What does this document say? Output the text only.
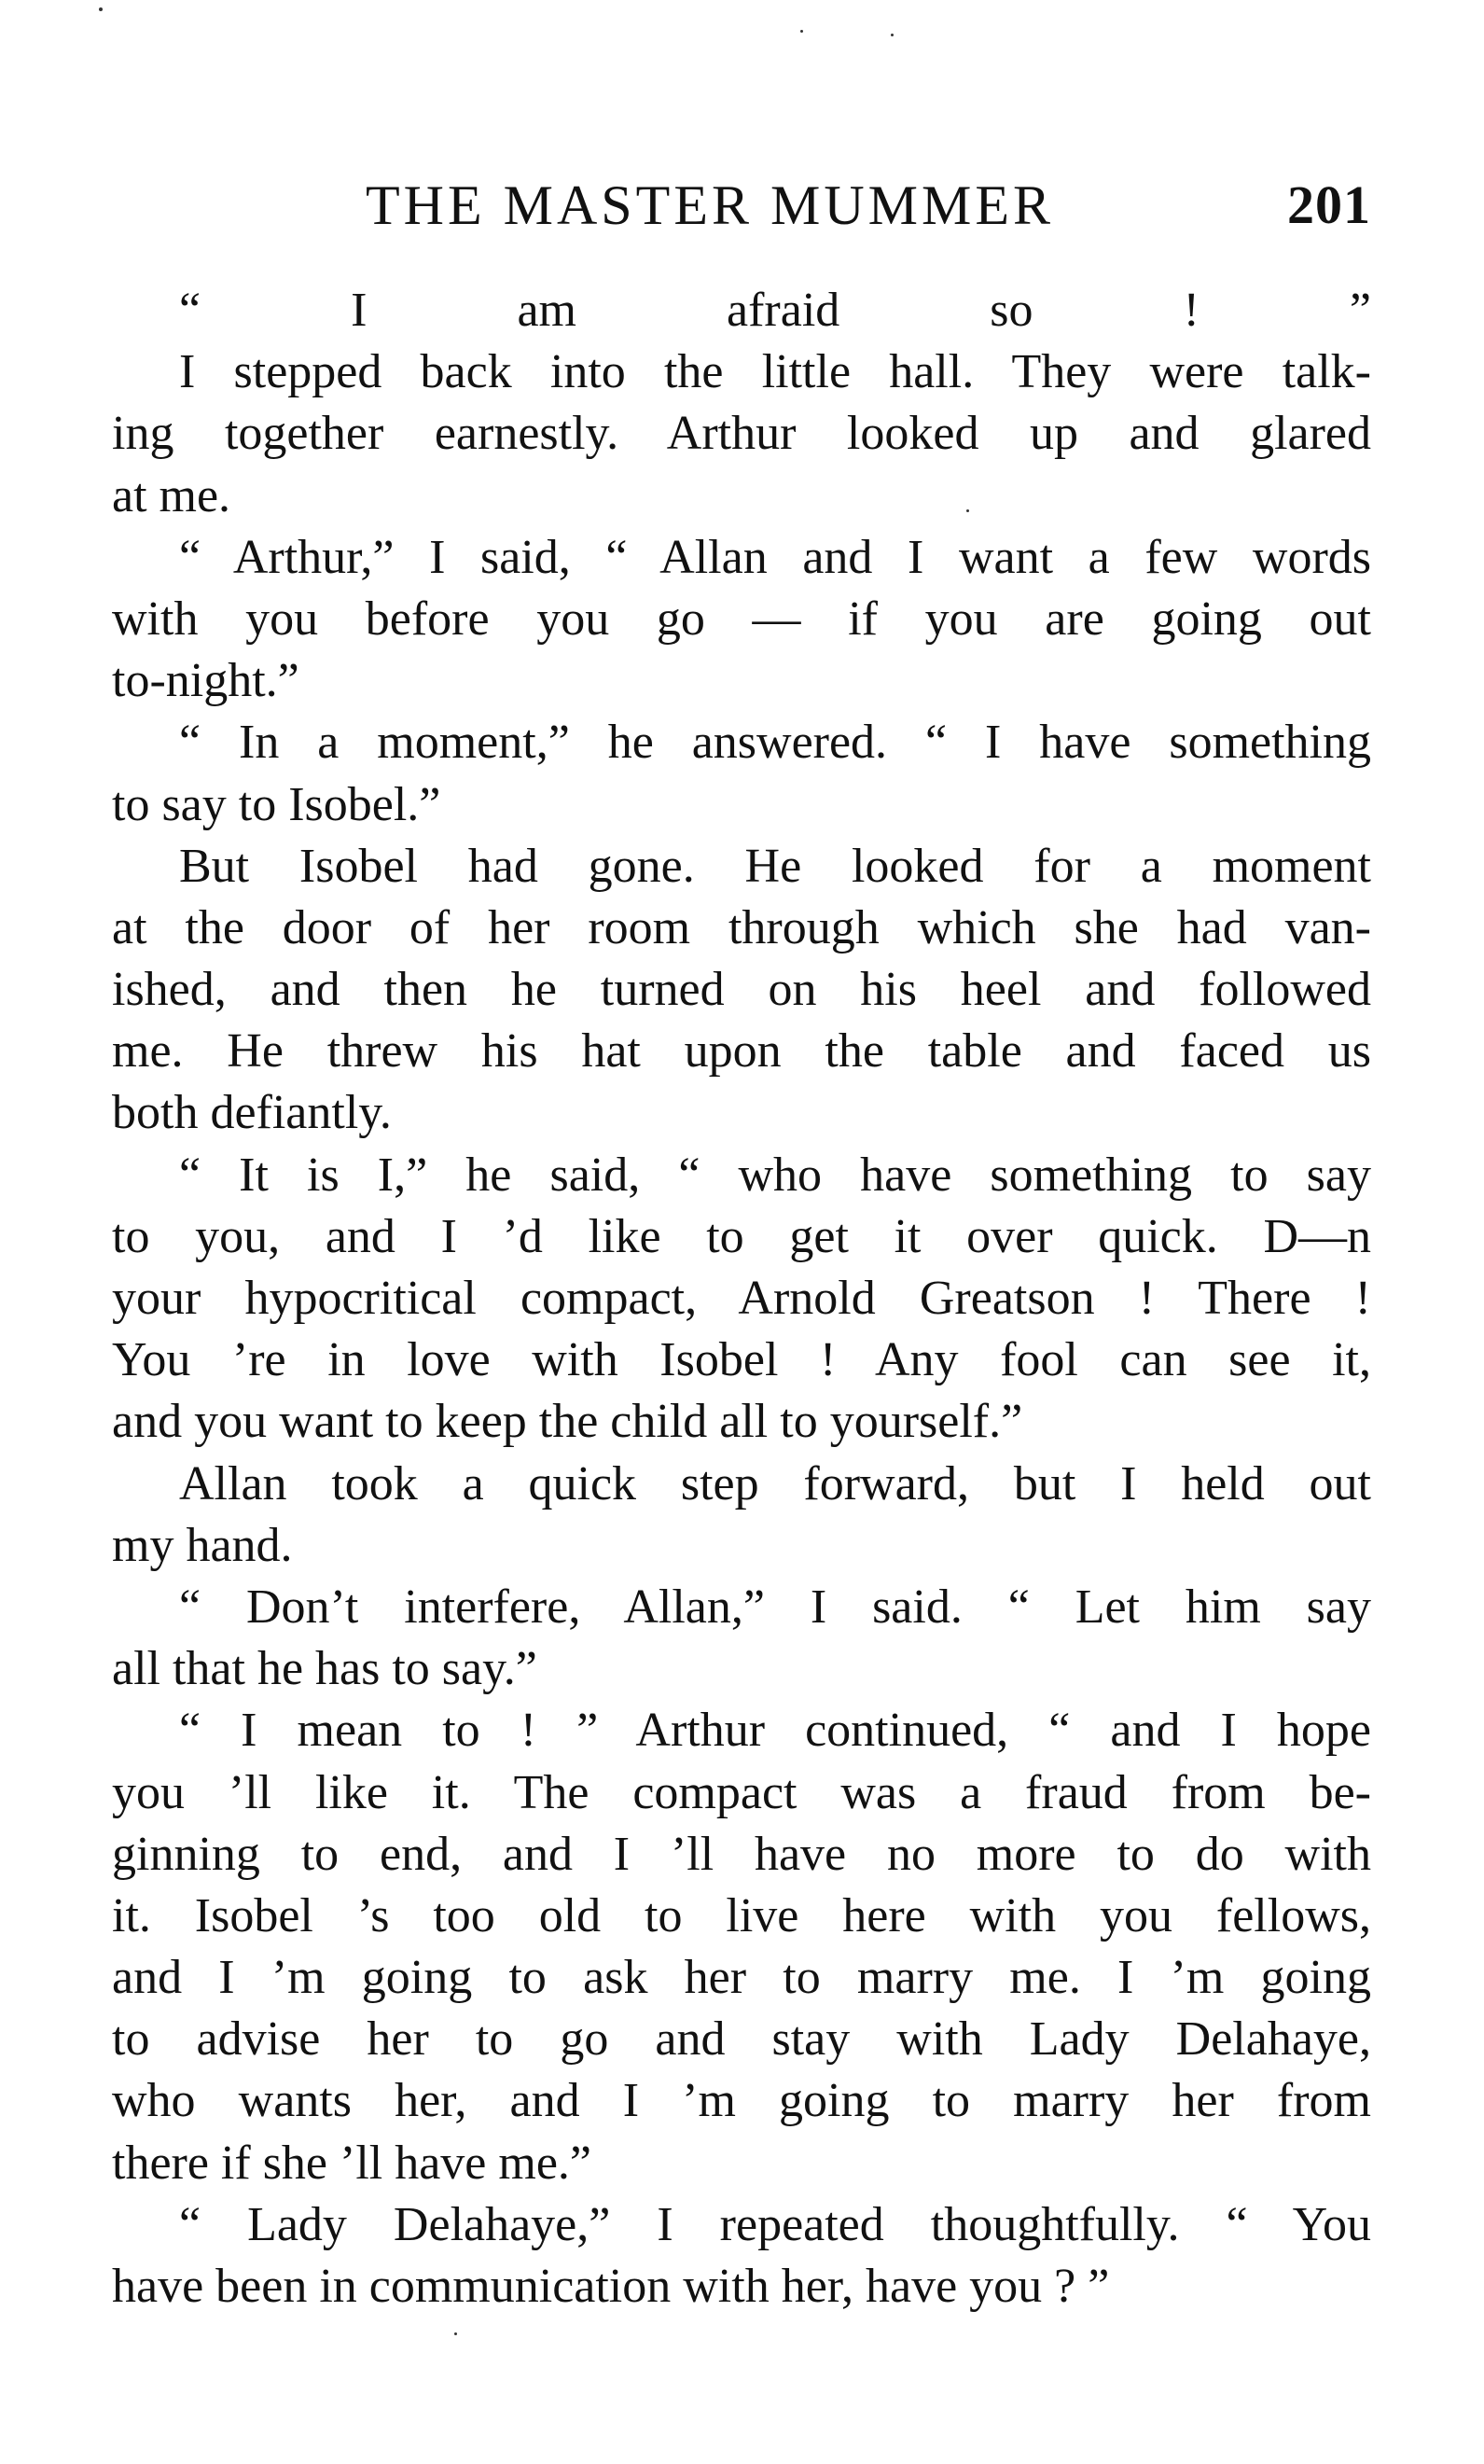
THE MASTER MUMMER	201
“ I am afraid so ! ”
I stepped back into the little hall. They were talk-
ing together earnestly. Arthur looked up and glared
at me.
“ Arthur,” I said, “ Allan and I want a few words
with you before you go — if you are going out
to-night.”
“ In a moment,” he answered. “ I have something
to say to Isobel.”
But Isobel had gone. He looked for a moment
at the door of her room through which she had van-
ished, and then he turned on his heel and followed
me. He threw his hat upon the table and faced us
both defiantly.
“ It is I,” he said, “ who have something to say
to you, and I ’d like to get it over quick. D—n
your hypocritical compact, Arnold Greatson ! There !
You ’re in love with Isobel ! Any fool can see it,
and you want to keep the child all to yourself.”
Allan took a quick step forward, but I held out
my hand.
“ Don’t interfere, Allan,” I said. “ Let him say
all that he has to say.”
“ I mean to ! ” Arthur continued, “ and I hope
you ’ll like it. The compact was a fraud from be-
ginning to end, and I ’ll have no more to do with
it. Isobel ’s too old to live here with you fellows,
and I ’m going to ask her to marry me. I ’m going
to advise her to go and stay with Lady Delahaye,
who wants her, and I ’m going to marry her from
there if she ’ll have me.”
“ Lady Delahaye,” I repeated thoughtfully. “ You
have been in communication with her, have you ? ”
